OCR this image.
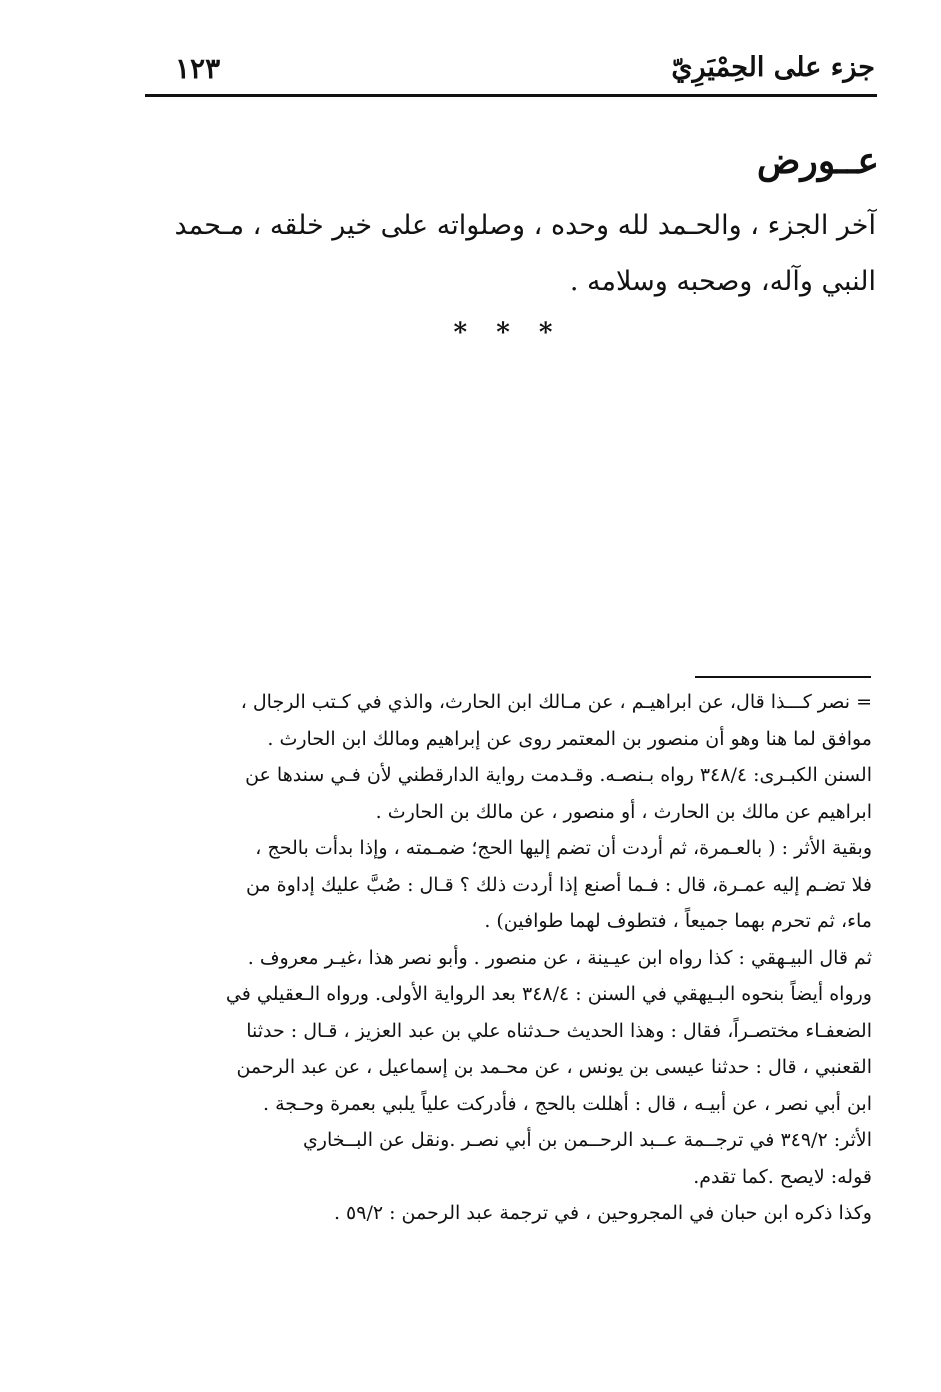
جزء على الحِمْيَرِيّ
١٢٣
عــورض

آخر الجزء ، والحـمد لله وحده ، وصلواته على خير خلقه ، مـحمد

النبي وآله، وصحبه وسلامه .

* * *

= نصر كـــذا قال، عن ابراهيـم ، عن مـالك ابن الحارث، والذي في كـتب الرجال ،

موافق لما هنا وهو أن منصور بن المعتمر روى عن إبراهيم ومالك ابن الحارث .

السنن الكبـرى: ٣٤٨/٤ رواه بـنصـه. وقـدمت رواية الدارقطني لأن فـي سندها عن

ابراهيم عن مالك بن الحارث ، أو منصور ، عن مالك بن الحارث .

وبقية الأثر : ( بالعـمرة، ثم أردت أن تضم إليها الحج؛ ضمـمته ، وإذا بدأت بالحج ،

فلا تضـم إليه عمـرة، قال : فـما أصنع إذا أردت ذلك ؟ قـال : صُبَّ عليك إداوة من

ماء، ثم تحرم بهما جميعاً ، فتطوف لهما طوافين) .

ثم قال البيـهقي : كذا رواه ابن عيـينة ، عن منصور . وأبو نصر هذا ،غيـر معروف .

ورواه أيضاً بنحوه البـيهقي في السنن : ٣٤٨/٤ بعد الرواية الأولى. ورواه الـعقيلي في

الضعفـاء مختصـراً، فقال : وهذا الحديث حـدثناه علي بن عبد العزيز ، قـال : حدثنا

القعنبي ، قال : حدثنا عيسى بن يونس ، عن محـمد بن إسماعيل ، عن عبد الرحمن

ابن أبي نصر ، عن أبيـه ، قال : أهللت بالحج ، فأدركت علياً يلبي بعمرة وحـجة .

الأثر: ٣٤٩/٢ في ترجــمة عــبد الرحــمن بن أبي نصـر .ونقل عن البــخاري

قوله: لايصح .كما تقدم.

وكذا ذكره ابن حبان في المجروحين ، في ترجمة عبد الرحمن : ٥٩/٢ .
